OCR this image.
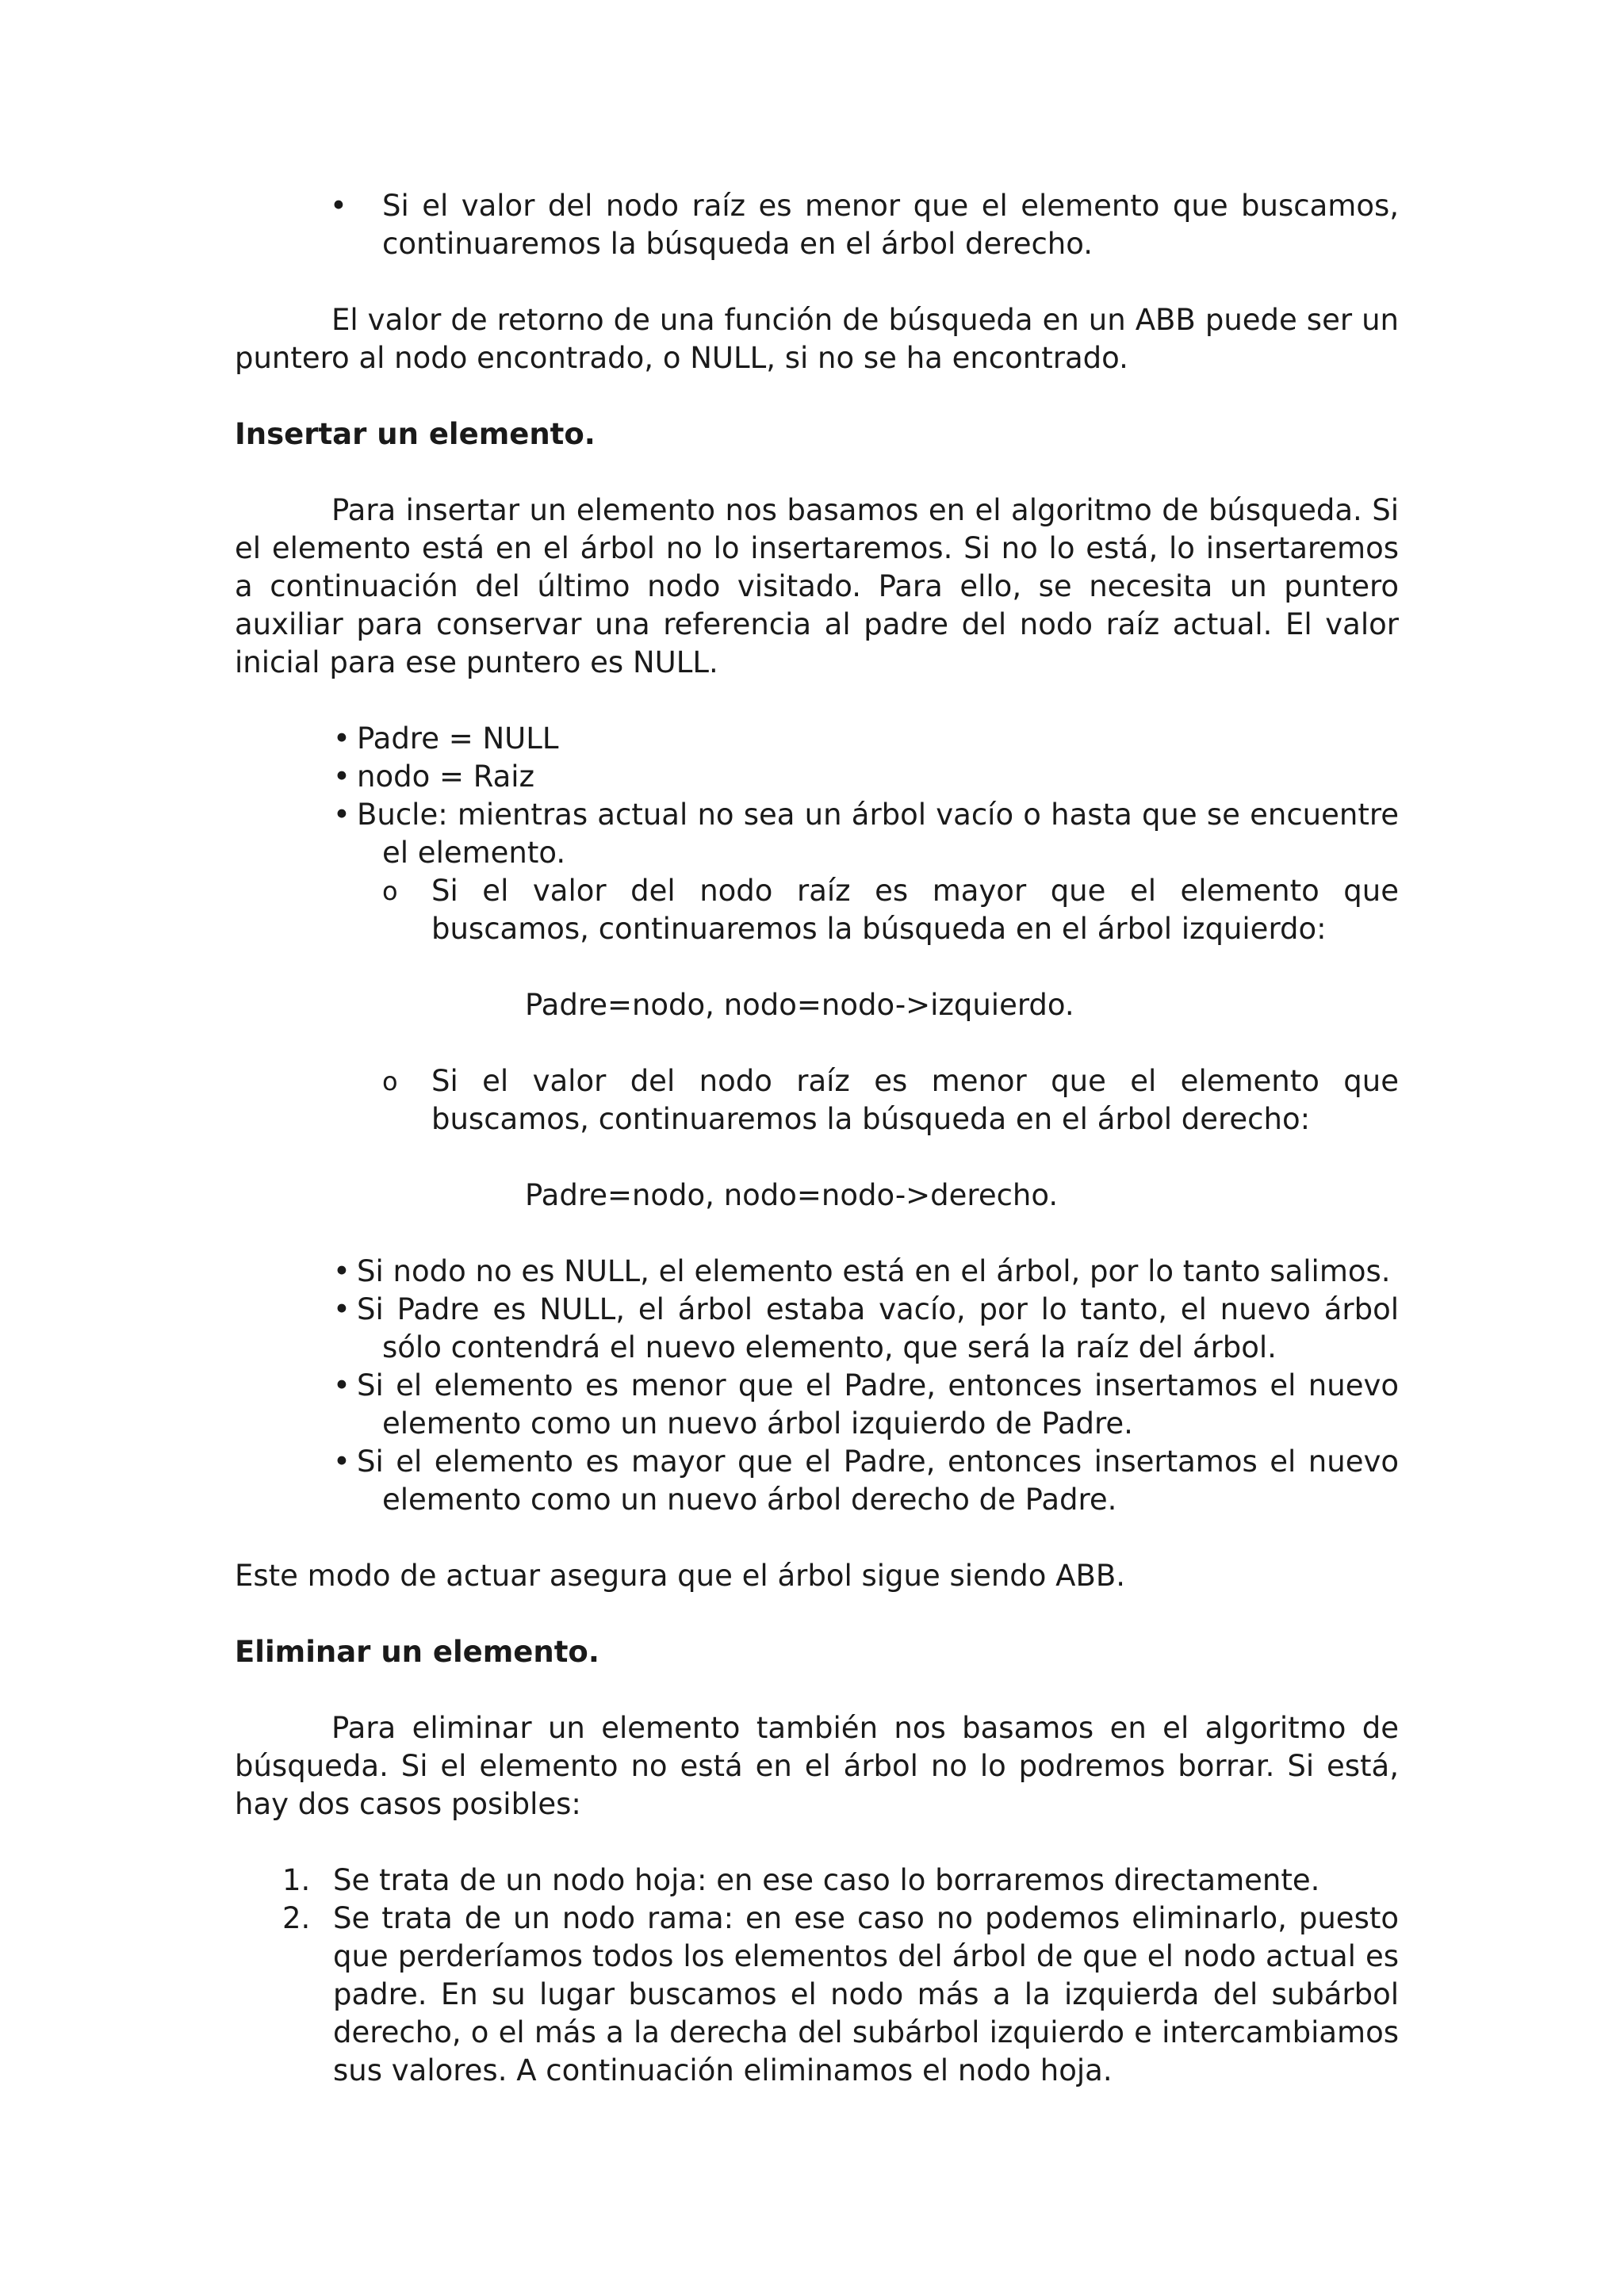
• Si el valor del nodo raíz es menor que el elemento que buscamos, continuaremos la búsqueda en el árbol derecho.

El valor de retorno de una función de búsqueda en un ABB puede ser un puntero al nodo encontrado, o NULL, si no se ha encontrado.

Insertar un elemento.

Para insertar un elemento nos basamos en el algoritmo de búsqueda. Si el elemento está en el árbol no lo insertaremos. Si no lo está, lo insertaremos a continuación del último nodo visitado. Para ello, se necesita un puntero auxiliar para conservar una referencia al padre del nodo raíz actual. El valor inicial para ese puntero es NULL.

• Padre = NULL
• nodo = Raiz
• Bucle: mientras actual no sea un árbol vacío o hasta que se encuentre el elemento.
o Si el valor del nodo raíz es mayor que el elemento que buscamos, continuaremos la búsqueda en el árbol izquierdo:

Padre=nodo, nodo=nodo->izquierdo.

o Si el valor del nodo raíz es menor que el elemento que buscamos, continuaremos la búsqueda en el árbol derecho:

Padre=nodo, nodo=nodo->derecho.

• Si nodo no es NULL, el elemento está en el árbol, por lo tanto salimos.
• Si Padre es NULL, el árbol estaba vacío, por lo tanto, el nuevo árbol sólo contendrá el nuevo elemento, que será la raíz del árbol.
• Si el elemento es menor que el Padre, entonces insertamos el nuevo elemento como un nuevo árbol izquierdo de Padre.
• Si el elemento es mayor que el Padre, entonces insertamos el nuevo elemento como un nuevo árbol derecho de Padre.

Este modo de actuar asegura que el árbol sigue siendo ABB.

Eliminar un elemento.

Para eliminar un elemento también nos basamos en el algoritmo de búsqueda. Si el elemento no está en el árbol no lo podremos borrar. Si está, hay dos casos posibles:

1. Se trata de un nodo hoja: en ese caso lo borraremos directamente.
2. Se trata de un nodo rama: en ese caso no podemos eliminarlo, puesto que perderíamos todos los elementos del árbol de que el nodo actual es padre. En su lugar buscamos el nodo más a la izquierda del subárbol derecho, o el más a la derecha del subárbol izquierdo e intercambiamos sus valores. A continuación eliminamos el nodo hoja.
